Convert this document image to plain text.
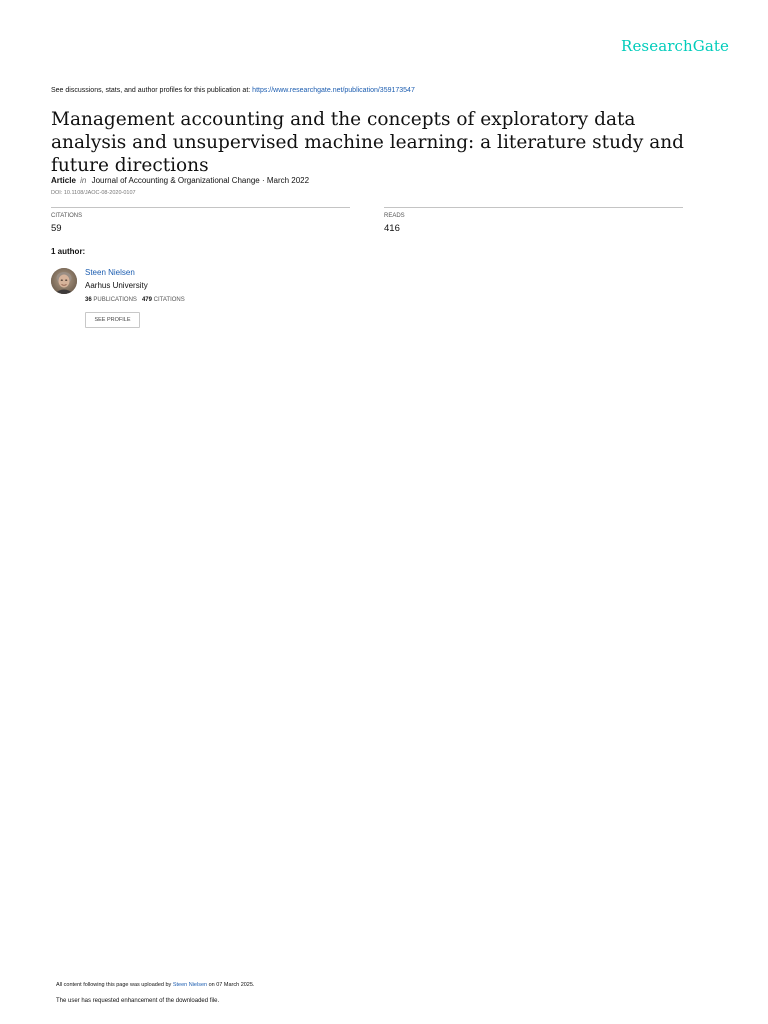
ResearchGate
See discussions, stats, and author profiles for this publication at: https://www.researchgate.net/publication/359173547
Management accounting and the concepts of exploratory data analysis and unsupervised machine learning: a literature study and future directions
Article in Journal of Accounting & Organizational Change · March 2022
DOI: 10.1108/JAOC-08-2020-0107
CITATIONS
59
READS
416
1 author:
Steen Nielsen
Aarhus University
36 PUBLICATIONS 479 CITATIONS
SEE PROFILE
All content following this page was uploaded by Steen Nielsen on 07 March 2025.
The user has requested enhancement of the downloaded file.
